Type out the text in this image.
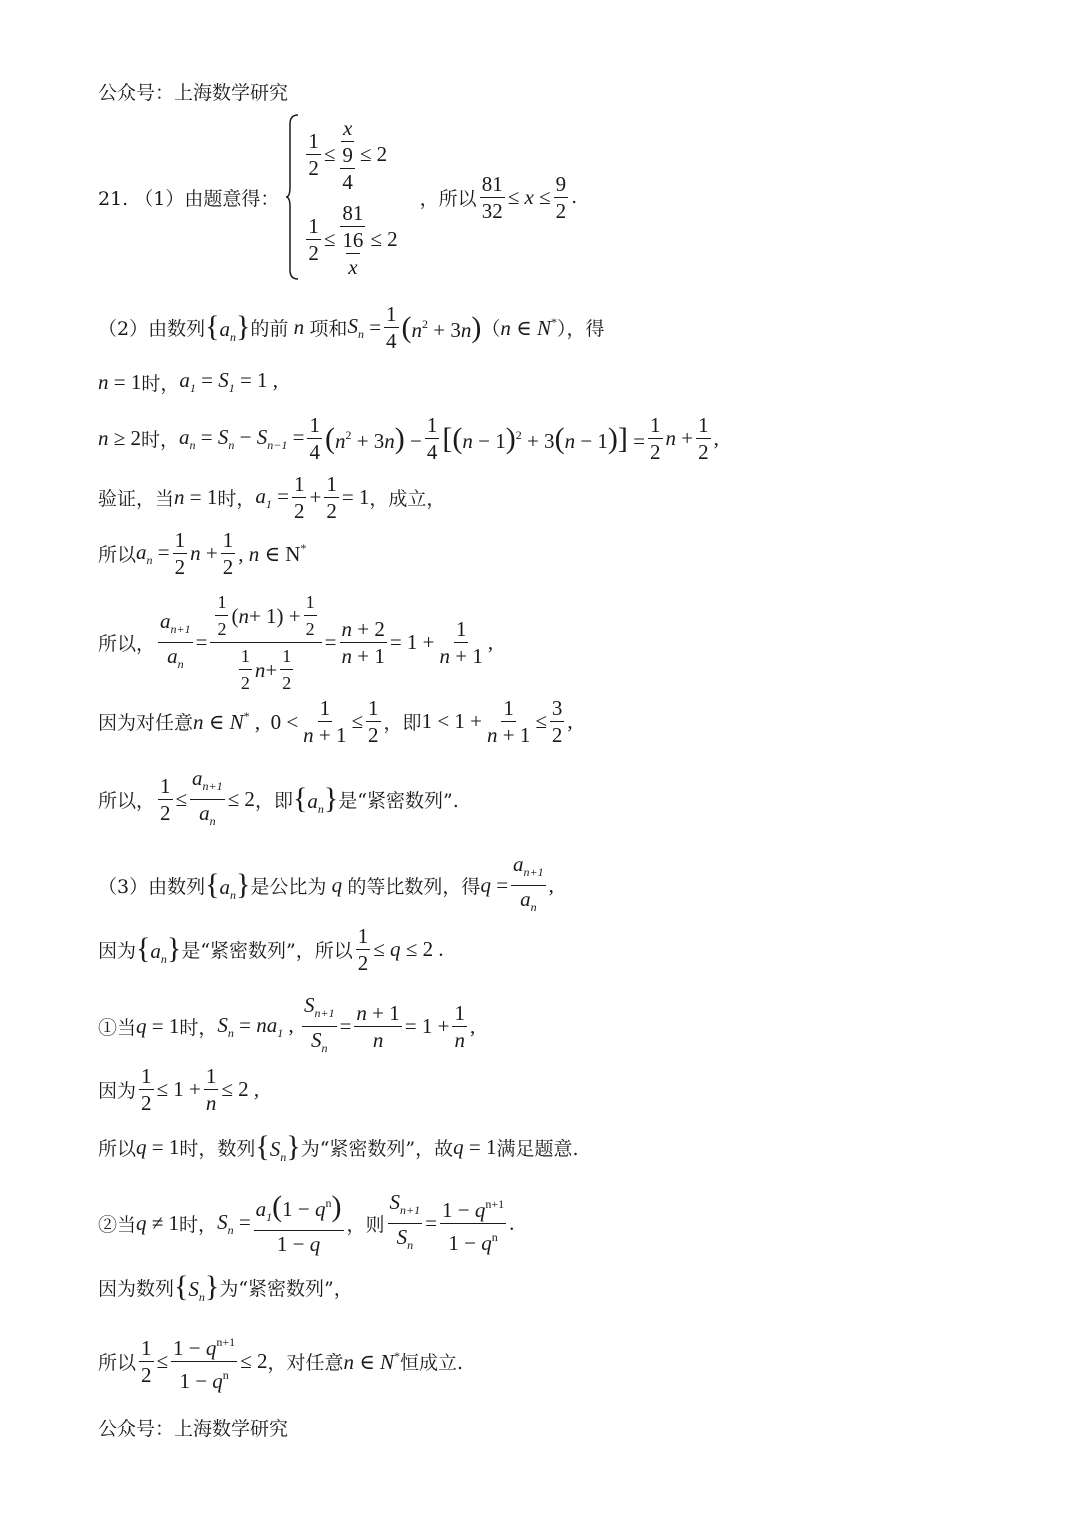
公众号：上海数学研究
21. （1）由题意得：
$\frac{1}{2} \le \frac{\frac{x}{9}}{4} \le 2$
$\frac{1}{2} \le \frac{\frac{81}{16}}{x} \le 2$
，所以 $\frac{81}{32} \le x \le \frac{9}{2}$ .
（2）由数列 $\{a_n\}$ 的前 n 项和 $S_n = \frac{1}{4} (n^2 + 3n)$ （ n ∈ N* ），得
n = 1 时， $a_1 = S_1 = 1$ ,
n ≥ 2 时， $a_n = S_n - S_{n-1} = \frac{1}{4} (n^2 + 3n) - \frac{1}{4} [(n - 1)^2 + 3(n - 1)] = \frac{1}{2}$ $n + \frac{1}{2}$ ,
验证，当 n = 1 时， $a_1 = \frac{1}{2} + \frac{1}{2} = 1$ ，成立，
所以 $a_n = \frac{1}{2}$ $n + \frac{1}{2}$ , n ∈ N*
所以， $\frac{a_{n+1}}{a_n} = \frac{\frac{1}{2} ( n + 1) + \frac{1}{2}}{\frac{1}{2} n + \frac{1}{2}} = \frac{n + 2}{n + 1} = 1 + \frac{1}{n + 1}$ ,
因为对任意 n ∈ N* ,  $0 < \frac{1}{n + 1} \le \frac{1}{2}$ ，即 $1 < 1 + \frac{1}{n + 1} \le \frac{3}{2}$ ,
所以， $\frac{1}{2} \le \frac{a_{n+1}}{a_n} \le 2$ ，即 $\{a_n\}$ 是“紧密数列”.
（3）由数列 $\{a_n\}$ 是公比为 q 的等比数列，得 $q = \frac{a_{n+1}}{a_n}$ ,
因为 $\{a_n\}$ 是“紧密数列”，所以 $\frac{1}{2} \le q \le 2$ .
①当 q = 1 时， $S_n = na_1$ , $\frac{S_{n+1}}{S_n} = \frac{n + 1}{n} = 1 + \frac{1}{n}$ ,
因为 $\frac{1}{2} \le 1 + \frac{1}{n} \le 2$ ,
所以 q = 1 时，数列 $\{S_n\}$ 为“紧密数列”，故 q = 1 满足题意.
②当 q ≠ 1 时， $S_n = \frac{a_1(1 - q^n)}{1 - q}$ ，则 $\frac{S_{n+1}}{S_n} = \frac{1 - q^{n+1}}{1 - q^n}$ .
因为数列 $\{S_n\}$ 为“紧密数列”，
所以 $\frac{1}{2} \le \frac{1 - q^{n+1}}{1 - q^n} \le 2$ ，对任意 n ∈ N* 恒成立.
公众号：上海数学研究
